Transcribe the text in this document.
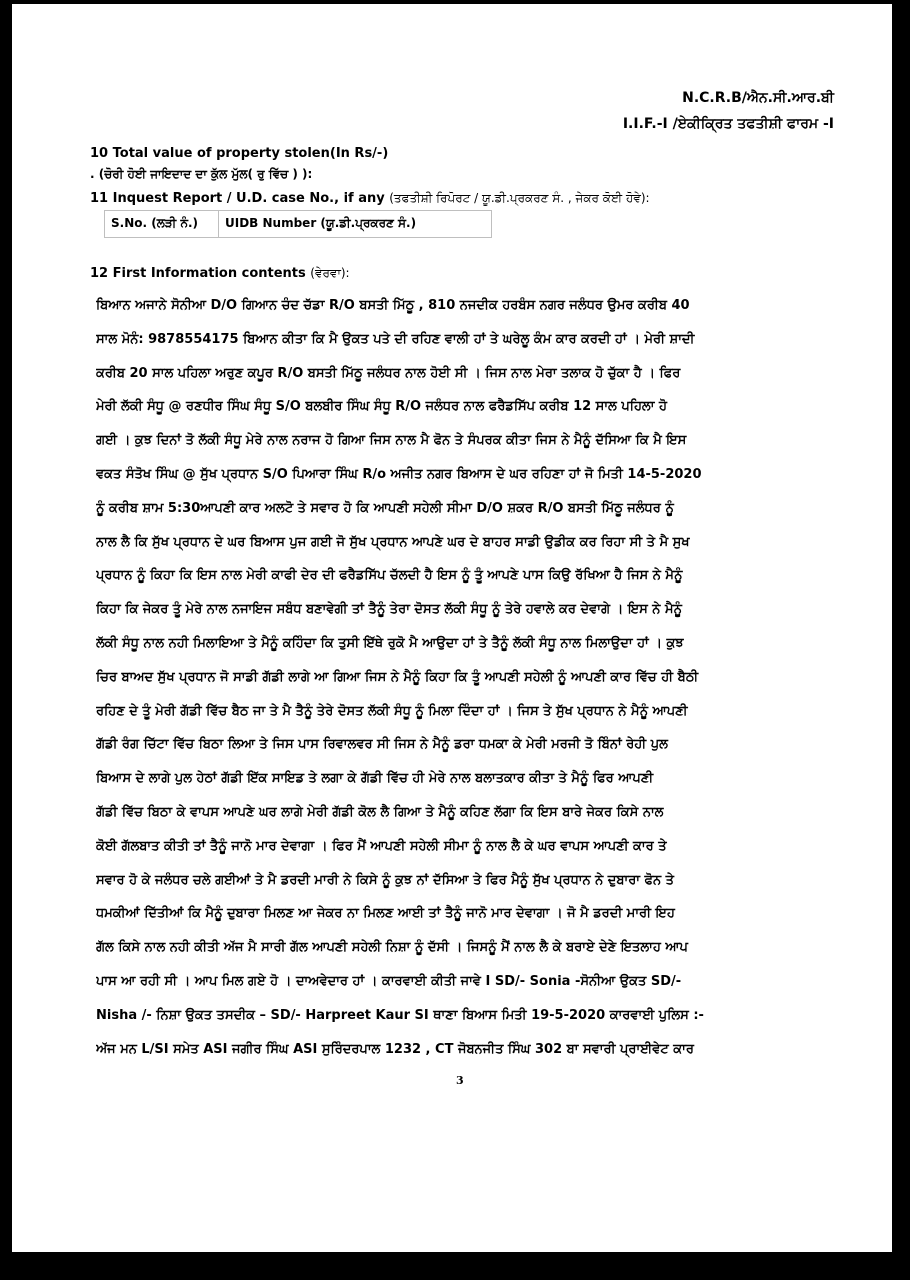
N.C.R.B/ਐਨ.ਸੀ.ਆਰ.ਬੀ
I.I.F.-I /ਏਕੀਕ੍ਰਿਤ ਤਫਤੀਸ਼ੀ ਫਾਰਮ -I
10 Total value of property stolen(In Rs/-)
. (ਚੋਰੀ ਹੋਈ ਜਾਇਦਾਦ ਦਾ ਕੁੱਲ ਮੁੱਲ( ਰੁ ਵਿੱਚ ) ):
11 Inquest Report / U.D. case No., if any (ਤਫਤੀਸ਼ੀ ਰਿਪੋਰਟ / ਯੂ.ਡੀ.ਪ੍ਰਕਰਣ ਸੰ. , ਜੇਕਰ ਕੋਈ ਹੋਵੇ):
S.No. (ਲੜੀ ਨੰ.)	UIDB Number (ਯੂ.ਡੀ.ਪ੍ਰਕਰਣ ਸੰ.)
12 First Information contents (ਵੇਰਵਾ):
ਬਿਆਨ ਅਜਾਨੇ ਸੋਨੀਆ D/O ਗਿਆਨ ਚੰਦ ਚੱਡਾ R/O ਬਸਤੀ ਮਿੱਠੂ , 810 ਨਜਦੀਕ ਹਰਬੰਸ ਨਗਰ ਜਲੰਧਰ ਉਮਰ ਕਰੀਬ 40
ਸਾਲ ਮੋਨੰ: 9878554175 ਬਿਆਨ ਕੀਤਾ ਕਿ ਮੈ ਉਕਤ ਪਤੇ ਦੀ ਰਹਿਣ ਵਾਲੀ ਹਾਂ ਤੇ ਘਰੇਲੂ ਕੰਮ ਕਾਰ ਕਰਦੀ ਹਾਂ । ਮੇਰੀ ਸ਼ਾਦੀ
ਕਰੀਬ 20 ਸਾਲ ਪਹਿਲਾ ਅਰੁਣ ਕਪੂਰ R/O ਬਸਤੀ ਮਿੱਠੂ ਜਲੰਧਰ ਨਾਲ ਹੋਈ ਸੀ । ਜਿਸ ਨਾਲ ਮੇਰਾ ਤਲਾਕ ਹੋ ਚੁੱਕਾ ਹੈ । ਫਿਰ
ਮੇਰੀ ਲੱਕੀ ਸੰਧੂ @ ਰਣਧੀਰ ਸਿੰਘ ਸੰਧੂ S/O ਬਲਬੀਰ ਸਿੰਘ ਸੰਧੂ R/O ਜਲੰਧਰ ਨਾਲ ਫਰੈਡਸਿੱਪ ਕਰੀਬ 12 ਸਾਲ ਪਹਿਲਾ ਹੋ
ਗਈ । ਕੁਝ ਦਿਨਾਂ ਤੋ ਲੱਕੀ ਸੰਧੂ ਮੇਰੇ ਨਾਲ ਨਰਾਜ ਹੋ ਗਿਆ ਜਿਸ ਨਾਲ ਮੈ ਫੋਨ ਤੇ ਸੰਪਰਕ ਕੀਤਾ ਜਿਸ ਨੇ ਮੈਨੂੰ ਦੱਸਿਆ ਕਿ ਮੈ ਇਸ
ਵਕਤ ਸੰਤੋਖ ਸਿੰਘ @ ਸੁੱਖ ਪ੍ਰਧਾਨ S/O ਪਿਆਰਾ ਸਿੰਘ R/o ਅਜੀਤ ਨਗਰ ਬਿਆਸ ਦੇ ਘਰ ਰਹਿਣਾ ਹਾਂ ਜੋ ਮਿਤੀ 14-5-2020
ਨੂੰ ਕਰੀਬ ਸ਼ਾਮ 5:30ਆਪਣੀ ਕਾਰ ਅਲਟੋ ਤੇ ਸਵਾਰ ਹੋ ਕਿ ਆਪਣੀ ਸਹੇਲੀ ਸੀਮਾ D/O ਸ਼ਕਰ R/O ਬਸਤੀ ਮਿੱਠੂ ਜਲੰਧਰ ਨੂੰ
ਨਾਲ ਲੈ ਕਿ ਸੁੱਖ ਪ੍ਰਧਾਨ ਦੇ ਘਰ ਬਿਆਸ ਪੁਜ ਗਈ ਜੋ ਸੁੱਖ ਪ੍ਰਧਾਨ ਆਪਣੇ ਘਰ ਦੇ ਬਾਹਰ ਸਾਡੀ ਉਡੀਕ ਕਰ ਰਿਹਾ ਸੀ ਤੇ ਮੈ ਸੁਖ
ਪ੍ਰਧਾਨ ਨੂੰ ਕਿਹਾ ਕਿ ਇਸ ਨਾਲ ਮੇਰੀ ਕਾਫੀ ਦੇਰ ਦੀ ਫਰੈਡਸਿੱਪ ਚੱਲਦੀ ਹੈ ਇਸ ਨੂੰ ਤੂੰ ਆਪਣੇ ਪਾਸ ਕਿਉ ਰੱਖਿਆ ਹੈ ਜਿਸ ਨੇ ਮੈਨੂੰ
ਕਿਹਾ ਕਿ ਜੇਕਰ ਤੂੰ ਮੇਰੇ ਨਾਲ ਨਜਾਇਜ ਸਬੰਧ ਬਣਾਵੇਗੀ ਤਾਂ ਤੈਨੂੰ ਤੇਰਾ ਦੋਸਤ ਲੱਕੀ ਸੰਧੂ ਨੂੰ ਤੇਰੇ ਹਵਾਲੇ ਕਰ ਦੇਵਾਗੇ । ਇਸ ਨੇ ਮੈਨੂੰ
ਲੱਕੀ ਸੰਧੂ ਨਾਲ ਨਹੀ ਮਿਲਾਇਆ ਤੇ ਮੈਨੂੰ ਕਹਿੰਦਾ ਕਿ ਤੁਸੀ ਇੱਥੇ ਰੁਕੋ ਮੈ ਆਉਦਾ ਹਾਂ ਤੇ ਤੈਨੂੰ ਲੱਕੀ ਸੰਧੂ ਨਾਲ ਮਿਲਾਉਦਾ ਹਾਂ । ਕੁਝ
ਚਿਰ ਬਾਅਦ ਸੁੱਖ ਪ੍ਰਧਾਨ ਜੋ ਸਾਡੀ ਗੱਡੀ ਲਾਗੇ ਆ ਗਿਆ ਜਿਸ ਨੇ ਮੈਨੂੰ ਕਿਹਾ ਕਿ ਤੂੰ ਆਪਣੀ ਸਹੇਲੀ ਨੂੰ ਆਪਣੀ ਕਾਰ ਵਿੱਚ ਹੀ ਬੈਠੀ
ਰਹਿਣ ਦੇ ਤੂੰ ਮੇਰੀ ਗੱਡੀ ਵਿੱਚ ਬੈਠ ਜਾ ਤੇ ਮੈ ਤੈਨੂੰ ਤੇਰੇ ਦੋਸਤ ਲੱਕੀ ਸੰਧੂ ਨੂੰ ਮਿਲਾ ਦਿੰਦਾ ਹਾਂ । ਜਿਸ ਤੇ ਸੁੱਖ ਪ੍ਰਧਾਨ ਨੇ ਮੈਨੂੰ ਆਪਣੀ
ਗੱਡੀ ਰੰਗ ਚਿੱਟਾ ਵਿੱਚ ਬਿਠਾ ਲਿਆ ਤੇ ਜਿਸ ਪਾਸ ਰਿਵਾਲਵਰ ਸੀ ਜਿਸ ਨੇ ਮੈਨੂੰ ਡਰਾ ਧਮਕਾ ਕੇ ਮੇਰੀ ਮਰਜੀ ਤੋ ਬਿੰਨਾਂ ਰੇਹੀ ਪੁਲ
ਬਿਆਸ ਦੇ ਲਾਗੇ ਪੁਲ ਹੇਠਾਂ ਗੱਡੀ ਇੱਕ ਸਾਇਡ ਤੇ ਲਗਾ ਕੇ ਗੱਡੀ ਵਿੱਚ ਹੀ ਮੇਰੇ ਨਾਲ ਬਲਾਤਕਾਰ ਕੀਤਾ ਤੇ ਮੈਨੂੰ ਫਿਰ ਆਪਣੀ
ਗੱਡੀ ਵਿੱਚ ਬਿਠਾ ਕੇ ਵਾਪਸ ਆਪਣੇ ਘਰ ਲਾਗੇ ਮੇਰੀ ਗੱਡੀ ਕੋਲ ਲੈ ਗਿਆ ਤੇ ਮੈਨੂੰ ਕਹਿਣ ਲੱਗਾ ਕਿ ਇਸ ਬਾਰੇ ਜੇਕਰ ਕਿਸੇ ਨਾਲ
ਕੋਈ ਗੱਲਬਾਤ ਕੀਤੀ ਤਾਂ ਤੈਨੂੰ ਜਾਨੋ ਮਾਰ ਦੇਵਾਗਾ । ਫਿਰ ਮੈਂ ਆਪਣੀ ਸਹੇਲੀ ਸੀਮਾ ਨੂੰ ਨਾਲ ਲੈ ਕੇ ਘਰ ਵਾਪਸ ਆਪਣੀ ਕਾਰ ਤੇ
ਸਵਾਰ ਹੋ ਕੇ ਜਲੰਧਰ ਚਲੇ ਗਈਆਂ ਤੇ ਮੈ ਡਰਦੀ ਮਾਰੀ ਨੇ ਕਿਸੇ ਨੂੰ ਕੁਝ ਨਾਂ ਦੱਸਿਆ ਤੇ ਫਿਰ ਮੈਨੂੰ ਸੁੱਖ ਪ੍ਰਧਾਨ ਨੇ ਦੁਬਾਰਾ ਫੋਨ ਤੇ
ਧਮਕੀਆਂ ਦਿੱਤੀਆਂ ਕਿ ਮੈਨੂੰ ਦੁਬਾਰਾ ਮਿਲਣ ਆ ਜੇਕਰ ਨਾ ਮਿਲਣ ਆਈ ਤਾਂ ਤੈਨੂੰ ਜਾਨੋ ਮਾਰ ਦੇਵਾਗਾ । ਜੋ ਮੈ ਡਰਦੀ ਮਾਰੀ ਇਹ
ਗੱਲ ਕਿਸੇ ਨਾਲ ਨਹੀ ਕੀਤੀ ਅੱਜ ਮੈ ਸਾਰੀ ਗੱਲ ਆਪਣੀ ਸਹੇਲੀ ਨਿਸ਼ਾ ਨੂੰ ਦੱਸੀ । ਜਿਸਨੂੰ ਮੈਂ ਨਾਲ ਲੈ ਕੇ ਬਰਾਏ ਦੇਣੇ ਇਤਲਾਹ ਆਪ
ਪਾਸ ਆ ਰਹੀ ਸੀ । ਆਪ ਮਿਲ ਗਏ ਹੋ । ਦਾਅਵੇਦਾਰ ਹਾਂ । ਕਾਰਵਾਈ ਕੀਤੀ ਜਾਵੇ I SD/- Sonia -ਸੋਨੀਆ ਉਕਤ SD/-
Nisha /- ਨਿਸ਼ਾ ਉਕਤ ਤਸਦੀਕ – SD/- Harpreet Kaur SI ਥਾਣਾ ਬਿਆਸ ਮਿਤੀ 19-5-2020 ਕਾਰਵਾਈ ਪੁਲਿਸ :-
ਅੱਜ ਮਨ L/SI ਸਮੇਤ ASI ਜਗੀਰ ਸਿੰਘ ASI ਸੁਰਿੰਦਰਪਾਲ 1232 , CT ਜੋਬਨਜੀਤ ਸਿੰਘ 302 ਬਾ ਸਵਾਰੀ ਪ੍ਰਾਈਵੇਟ ਕਾਰ
3
